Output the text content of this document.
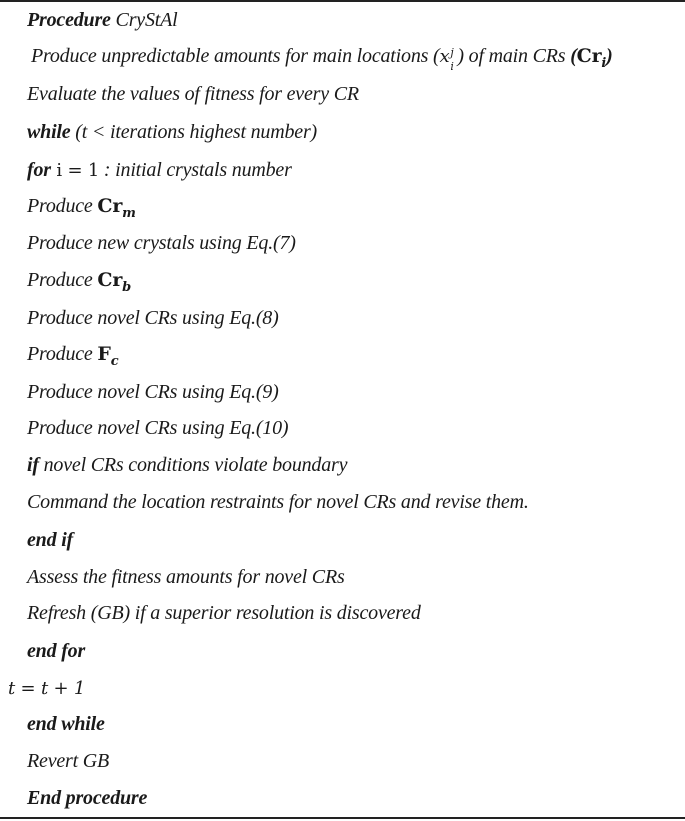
Procedure CryStAl
Produce unpredictable amounts for main locations (x j
i ) of main CRs $(Cr_i)$
Evaluate the values of fitness for every CR
while (t < iterations highest number)
for i = 1 : initial crystals number
Produce $Cr_m$
Produce new crystals using Eq.(7)
Produce $Cr_b$
Produce novel CRs using Eq.(8)
Produce $F_c$
Produce novel CRs using Eq.(9)
Produce novel CRs using Eq.(10)
if novel CRs conditions violate boundary
Command the location restraints for novel CRs and revise them.
end if
Assess the fitness amounts for novel CRs
Refresh (GB) if a superior resolution is discovered
end for
t = t + 1
end while
Revert GB
End procedure
